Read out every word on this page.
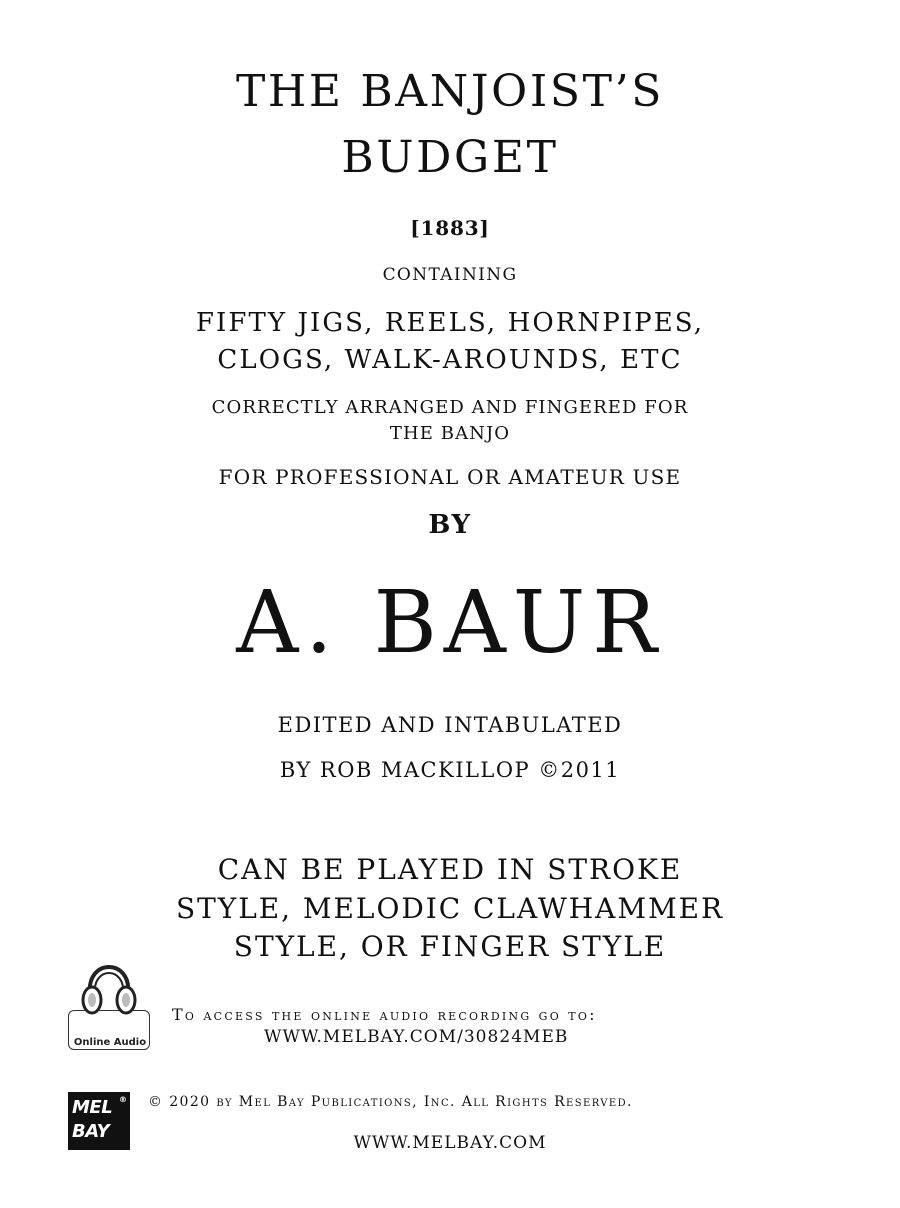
THE BANJOIST’S
BUDGET
[1883]
CONTAINING
FIFTY JIGS, REELS, HORNPIPES,
CLOGS, WALK-AROUNDS, ETC
CORRECTLY ARRANGED AND FINGERED FOR
THE BANJO
FOR PROFESSIONAL OR AMATEUR USE
BY
A. BAUR
EDITED AND INTABULATED
BY ROB MACKILLOP ©2011
CAN BE PLAYED IN STROKE
STYLE, MELODIC CLAWHAMMER
STYLE, OR FINGER STYLE
Online Audio
To access the online audio recording go to:
WWW.MELBAY.COM/30824MEB
MEL
BAY
® © 2020 by Mel Bay Publications, Inc. All Rights Reserved.
WWW.MELBAY.COM
